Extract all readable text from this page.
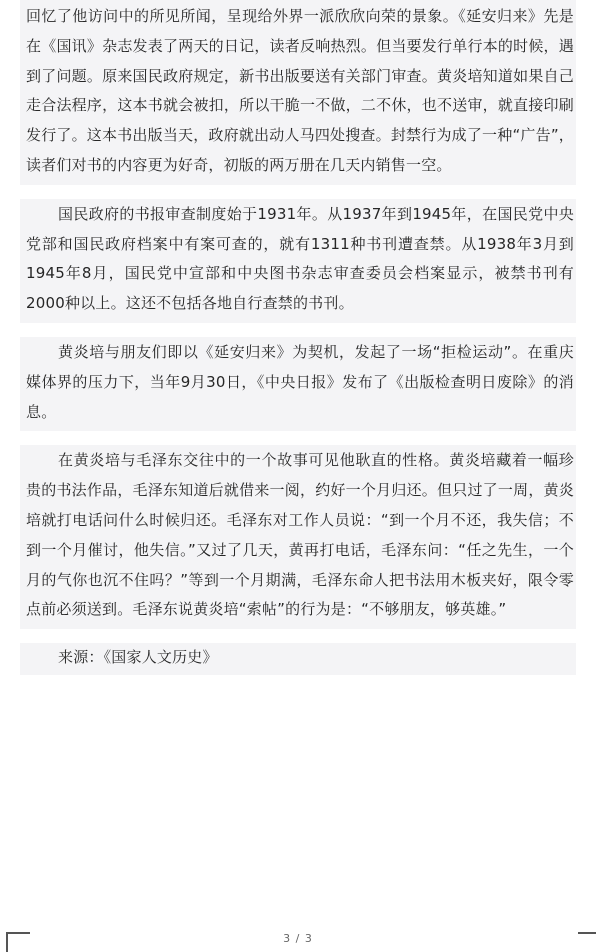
回忆了他访问中的所见所闻，呈现给外界一派欣欣向荣的景象。《延安归来》先是在《国讯》杂志发表了两天的日记，读者反响热烈。但当要发行单行本的时候，遇到了问题。原来国民政府规定，新书出版要送有关部门审查。黄炎培知道如果自己走合法程序，这本书就会被扣，所以干脆一不做，二不休，也不送审，就直接印刷发行了。这本书出版当天，政府就出动人马四处搜查。封禁行为成了一种“广告”，读者们对书的内容更为好奇，初版的两万册在几天内销售一空。

国民政府的书报审查制度始于1931年。从1937年到1945年，在国民党中央党部和国民政府档案中有案可查的，就有1311种书刊遭查禁。从1938年3月到1945年8月，国民党中宣部和中央图书杂志审查委员会档案显示，被禁书刊有2000种以上。这还不包括各地自行查禁的书刊。

黄炎培与朋友们即以《延安归来》为契机，发起了一场“拒检运动”。在重庆媒体界的压力下，当年9月30日，《中央日报》发布了《出版检查明日废除》的消息。

在黄炎培与毛泽东交往中的一个故事可见他耿直的性格。黄炎培藏着一幅珍贵的书法作品，毛泽东知道后就借来一阅，约好一个月归还。但只过了一周，黄炎培就打电话问什么时候归还。毛泽东对工作人员说：“到一个月不还，我失信；不到一个月催讨，他失信。”又过了几天，黄再打电话，毛泽东问：“任之先生，一个月的气你也沉不住吗？”等到一个月期满，毛泽东命人把书法用木板夹好，限令零点前必须送到。毛泽东说黄炎培“索帖”的行为是：“不够朋友，够英雄。”

来源：《国家人文历史》

3 / 3
